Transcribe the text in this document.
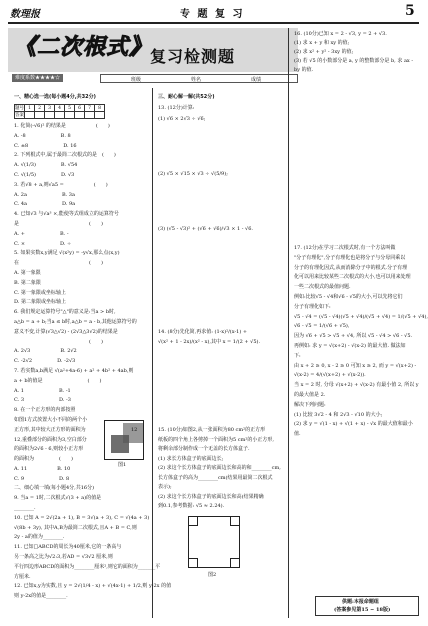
数理报	专 题 复 习	5
《二次根式》
复习检测题
难度系数★★★★☆	班级	姓名	成绩
一、精心选一选(每小题4分,共32分)
题号	1	2	3	4	5	6	7	8
答案								
1. 化简(-√6)² 的结果是　　　　　　(　　)
A. -8　　　　　　　B. 8
C. ±8　　　　　　　D. 16
2. 下列根式中,属于最简二次根式的是　(　　)
A. √(1/3)　　　　　B. √54
C. √(1/5)　　　　　D. √3
3. 若√8 + a,则√a5 =　　　　　　(　　)
A. 2a　　　　　　　B. 3a
C. 4a　　　　　　　D. 9a
4. 已知√3 与√a³ ×,能使等式组成立的运算符号
是　　　　　　　　　　　　　　(　　)
A. +　　　　　　　B. -
C. ×　　　　　　　D. ÷
5. 如果实数x,y满足 √(x²y) = -y√x,那么点(x,y)
在　　　　　　　　　　　　　　(　　)
A. 第一象限
B. 第二象限
C. 第一象限或坐标轴上
D. 第二象限或坐标轴上
6. 我们规定运算符号"△"的意义是:当a > b时,
a△b = a + b;当a ≤ b时,a△b = a - b,其他运算符号的
意义不变,计算(√3△√2) - (2√3△3√2)的结果是
　　　　　　　　　　　　　　　(　　)
A. 2√3　　　　　　B. 2√2
C. -2√2　　　　　D. -2√3
7. 若实数a,b满足 √(a²+4a-6) + a² + 4b² + 4ab,则
a + b的值是　　　　　　　　　(　　)
A. 1　　　　　　　B. -1
C. 3　　　　　　　D. -3
8. 在一个正方形的内部按照
如图1方式放置大小不同的两个小
正方形,其中较大正方形的面积为
12,重叠部分的面积为3,空白部分
的面积为2√6 - 6,则较小正方形
的面积为　　　　　(　　)
A. 11　　　　　　B. 10
C. 9　　　　　　　D. 8
二、细心填一填(每小题4分,共16分)
9. 当a = 1时,二次根式√(3 + a)的值是
________.
10. 已知 A = 2√(2a + 1), B = 3√(a + 3), C = √(4a + 3)
√(8b + 3y), 其中A,B为最简二次根式,且A + B = C,则
2y - a的值为________.
11. 已知□ABCD的周长为40厘米,它的一条高与
另一条高之比为√2:3,若AD = √3√2 厘米,则
平行四边形ABCD的面积为________厘米²,则它的面积为_______平
方厘米.
12. 已知x,y为实数,且 y = 2√(1/4 - x) + √(4x-1) + 1/2,则 y-2x 的值
则 y-2x的值是________.
12
图1
三、耐心解一解(共52分)
13. (12分)计算:
(1) √6 × 2√3 ÷ √6;
(2) √5 × √15 × √3 ÷ √(5/9);
(3) (√5 - √3)² + (√6 + √6)/√3 × 1 - √6.
14. (8分)先化简,再求值: (1-x)²/(x-1) +
√(x² + 1 - 2x)/(x² - x),其中 x = 1/(2 + √5).
15. (10分)如图2,从一张面积为80 cm²的正方形
纸板的四个角上各剪掉一个面积为5 cm²的小正方形,
将剩余部分制作成一个无盖的长方体盒子.
(1) 求长方体盒子的底面边长;
(2) 求这个长方体盒子的底面边长和高的和________cm,
长方体盒子的高为________cm(结果用最简二次根式
表示);
(2) 求这个长方体盒子的底面边长和高(结果精确
到0.1,参考数据: √5 ≈ 2.24).
图2
16. (10分)已知 x = 2 - √3, y = 2 + √3.
(1) 求 x + y 和 xy 的值;
(2) 求 x² + y² - 3xy 的值;
(3) 若 √5 的小数部分是 a, y 的整数部分是 b, 求 ax -
by 的值.
17. (12分)在学习二次根式时,有一个方法叫做
"分子有理化",分子有理化也是将分子与分母同乘以
分子的有理化因式,从而消除分子中的根式.分子有理
化可以用来比较某些二次根式的大小,也可以用来处理
一些二次根式的最值问题.
例如:比较√5 - √4和√6 - √5的大小,可以先将它们
分子有理化如下:
√5 - √4 = (√5 - √4)(√5 + √4)/(√5 + √4) = 1/(√5 + √4),
√6 - √5 = 1/(√6 + √5),
因为 √6 + √5 > √5 + √4, 所以 √5 - √4 > √6 - √5.
再例如: 求 y = √(x+2) - √(x-2) 的最大值. 做法如
下:
由 x + 2 ≥ 0, x - 2 ≥ 0 可知 x ≥ 2, 而 y = √(x+2) -
√(x-2) = 4/(√(x+2) + √(x-2)).
当 x = 2 时, 分母 √(x+2) + √(x-2) 有最小值 2, 所以 y
的最大值是 2.
解决下列问题:
(1) 比较 3√2 - 4 和 2√3 - √10 的大小;
(2) 求 y = √(1 - x) + √(1 + x) - √x 的最大值和最小
值.
供题:本报命题组
(答案参见第15 ~ 18版)
